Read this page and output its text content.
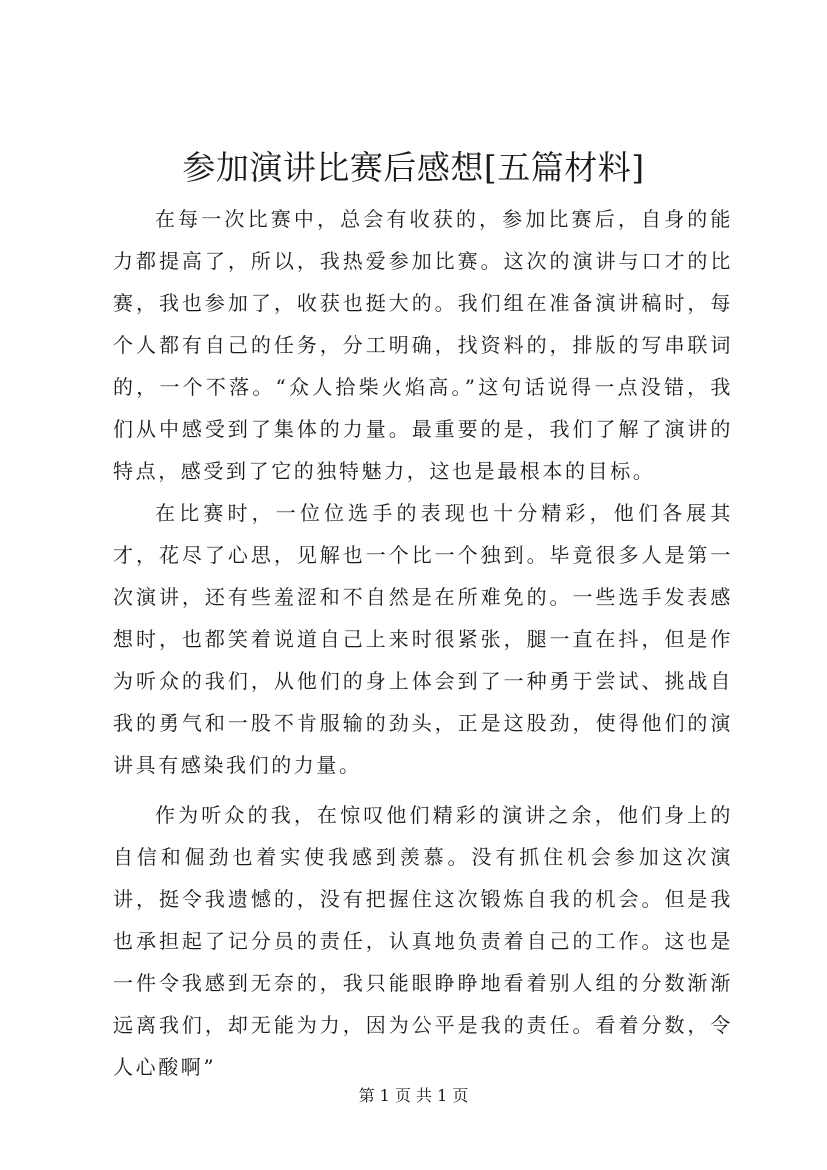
参加演讲比赛后感想[五篇材料]

在每一次比赛中，总会有收获的，参加比赛后，自身的能力都提高了，所以，我热爱参加比赛。这次的演讲与口才的比赛，我也参加了，收获也挺大的。我们组在准备演讲稿时，每个人都有自己的任务，分工明确，找资料的，排版的写串联词的，一个不落。“众人拾柴火焰高。”这句话说得一点没错，我们从中感受到了集体的力量。最重要的是，我们了解了演讲的特点，感受到了它的独特魅力，这也是最根本的目标。

在比赛时，一位位选手的表现也十分精彩，他们各展其才，花尽了心思，见解也一个比一个独到。毕竟很多人是第一次演讲，还有些羞涩和不自然是在所难免的。一些选手发表感想时，也都笑着说道自己上来时很紧张，腿一直在抖，但是作为听众的我们，从他们的身上体会到了一种勇于尝试、挑战自我的勇气和一股不肯服输的劲头，正是这股劲，使得他们的演讲具有感染我们的力量。

作为听众的我，在惊叹他们精彩的演讲之余，他们身上的自信和倔劲也着实使我感到羡慕。没有抓住机会参加这次演讲，挺令我遗憾的，没有把握住这次锻炼自我的机会。但是我也承担起了记分员的责任，认真地负责着自己的工作。这也是一件令我感到无奈的，我只能眼睁睁地看着别人组的分数渐渐远离我们，却无能为力，因为公平是我的责任。看着分数，令人心酸啊”

第 1 页 共 1 页
